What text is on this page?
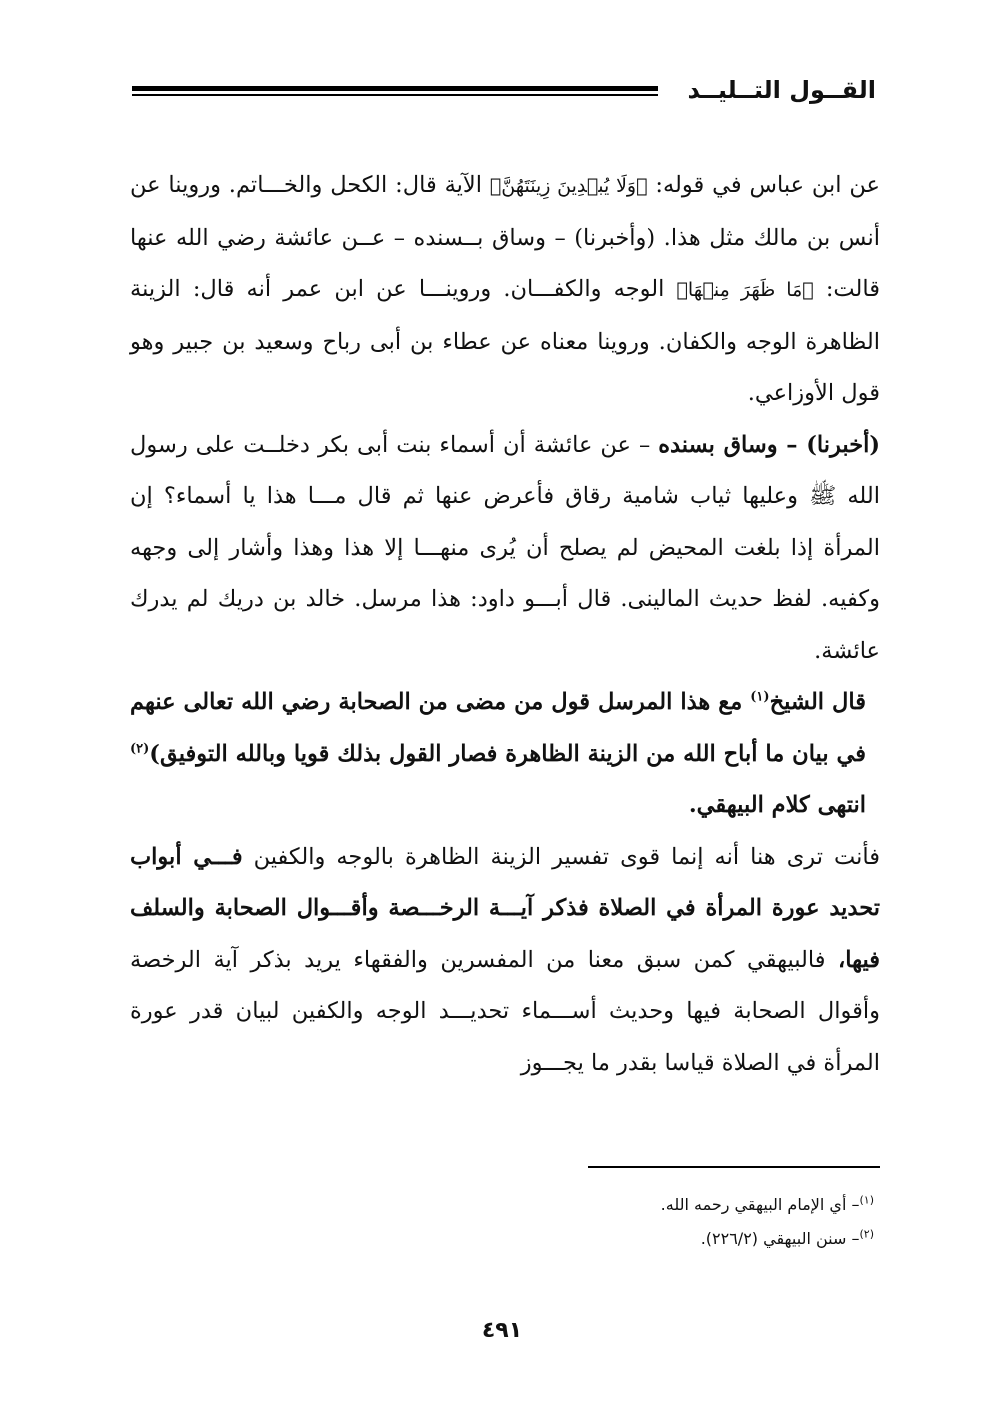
القــول التــليــد

عن ابن عباس في قوله: ﴿وَلَا يُبۡدِينَ زِينَتَهُنَّ﴾ الآية قال: الكحل والخـــاتم. وروينا عن أنس بن مالك مثل هذا. (وأخبرنا) – وساق بــسنده – عــن عائشة رضي الله عنها قالت: ﴿مَا ظَهَرَ مِنۡهَا﴾ الوجه والكفـــان. وروينـــا عن ابن عمر أنه قال: الزينة الظاهرة الوجه والكفان. وروينا معناه عن عطاء بن أبى رباح وسعيد بن جبير وهو قول الأوزاعي.

(أخبرنا) – وساق بسنده – عن عائشة أن أسماء بنت أبى بكر دخلــت على رسول الله ﷺ وعليها ثياب شامية رقاق فأعرض عنها ثم قال مـــا هذا يا أسماء؟ إن المرأة إذا بلغت المحيض لم يصلح أن يُرى منهـــا إلا هذا وهذا وأشار إلى وجهه وكفيه. لفظ حديث المالينى. قال أبـــو داود: هذا مرسل. خالد بن دريك لم يدرك عائشة.

قال الشيخ$^{(١)}$ مع هذا المرسل قول من مضى من الصحابة رضي الله تعالى عنهم في بيان ما أباح الله من الزينة الظاهرة فصار القول بذلك قويا وبالله التوفيق)$^{(٢)}$ انتهى كلام البيهقي.

فأنت ترى هنا أنه إنما قوى تفسير الزينة الظاهرة بالوجه والكفين فـــي أبواب تحديد عورة المرأة في الصلاة فذكر آيـــة الرخـــصة وأقـــوال الصحابة والسلف فيها، فالبيهقي كمن سبق معنا من المفسرين والفقهاء يريد بذكر آية الرخصة وأقوال الصحابة فيها وحديث أســـماء تحديـــد الوجه والكفين لبيان قدر عورة المرأة في الصلاة قياسا بقدر ما يجـــوز

$^{(١)}$– أي الإمام البيهقي رحمه الله.

$^{(٢)}$– سنن البيهقي (٢٢٦/٢).

٤٩١
